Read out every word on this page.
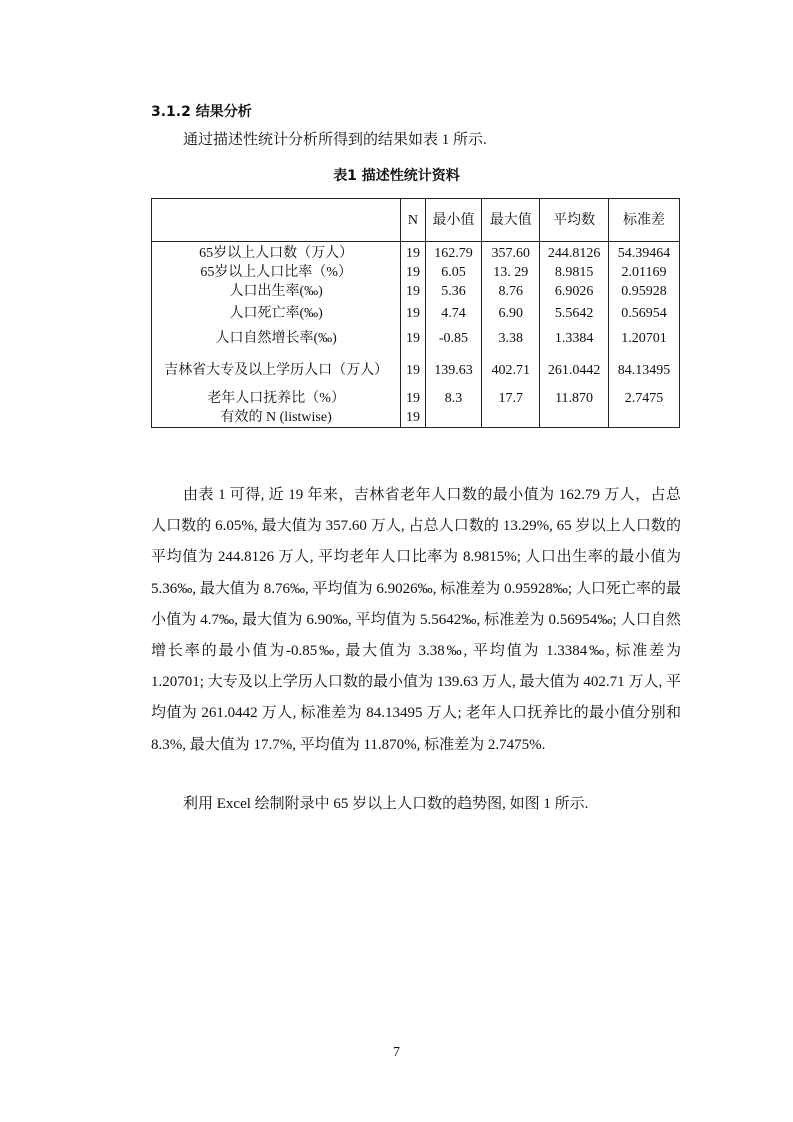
3.1.2 结果分析

通过描述性统计分析所得到的结果如表 1 所示.

表1 描述性统计资料

	N	最小值	最大值	平均数	标准差
65岁以上人口数（万人）	19	162.79	357.60	244.8126	54.39464
65岁以上人口比率（%）	19	6.05	13. 29	8.9815	2.01169
人口出生率(‰)	19	5.36	8.76	6.9026	0.95928
人口死亡率(‰)	19	4.74	6.90	5.5642	0.56954
人口自然增长率(‰)	19	-0.85	3.38	1.3384	1.20701
吉林省大专及以上学历人口（万人）	19	139.63	402.71	261.0442	84.13495
老年人口抚养比（%）	19	8.3	17.7	11.870	2.7475
有效的 N (listwise)	19				

由表 1 可得, 近 19 年来，吉林省老年人口数的最小值为 162.79 万人，占总人口数的 6.05%, 最大值为 357.60 万人, 占总人口数的 13.29%, 65 岁以上人口数的平均值为 244.8126 万人, 平均老年人口比率为 8.9815%; 人口出生率的最小值为 5.36‰, 最大值为 8.76‰, 平均值为 6.9026‰, 标准差为 0.95928‰; 人口死亡率的最小值为 4.7‰, 最大值为 6.90‰, 平均值为 5.5642‰, 标准差为 0.56954‰; 人口自然增长率的最小值为-0.85‰, 最大值为 3.38‰, 平均值为 1.3384‰, 标准差为 1.20701; 大专及以上学历人口数的最小值为 139.63 万人, 最大值为 402.71 万人, 平均值为 261.0442 万人, 标准差为 84.13495 万人; 老年人口抚养比的最小值分别和 8.3%, 最大值为 17.7%, 平均值为 11.870%, 标准差为 2.7475%.

利用 Excel 绘制附录中 65 岁以上人口数的趋势图, 如图 1 所示.

7
